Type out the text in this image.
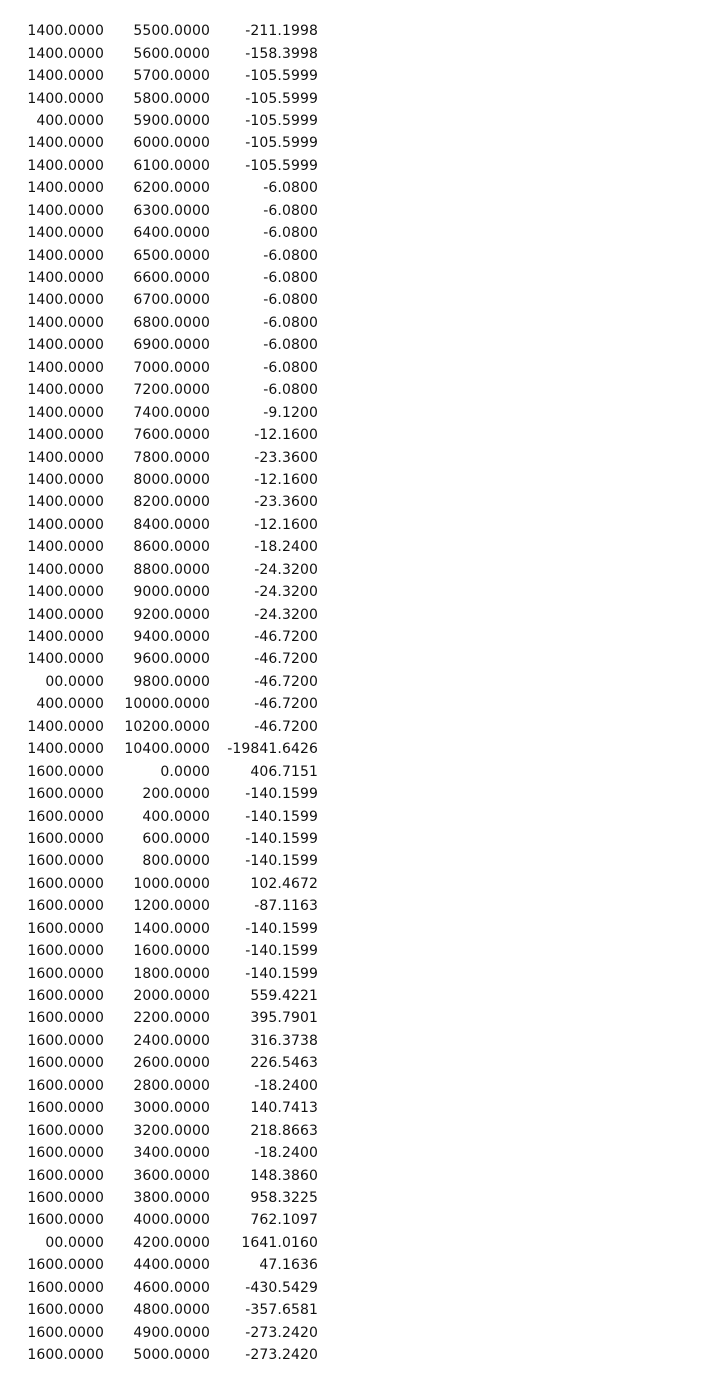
1400.0000	5500.0000	-211.1998
1400.0000	5600.0000	-158.3998
1400.0000	5700.0000	-105.5999
1400.0000	5800.0000	-105.5999
400.0000	5900.0000	-105.5999
1400.0000	6000.0000	-105.5999
1400.0000	6100.0000	-105.5999
1400.0000	6200.0000	-6.0800
1400.0000	6300.0000	-6.0800
1400.0000	6400.0000	-6.0800
1400.0000	6500.0000	-6.0800
1400.0000	6600.0000	-6.0800
1400.0000	6700.0000	-6.0800
1400.0000	6800.0000	-6.0800
1400.0000	6900.0000	-6.0800
1400.0000	7000.0000	-6.0800
1400.0000	7200.0000	-6.0800
1400.0000	7400.0000	-9.1200
1400.0000	7600.0000	-12.1600
1400.0000	7800.0000	-23.3600
1400.0000	8000.0000	-12.1600
1400.0000	8200.0000	-23.3600
1400.0000	8400.0000	-12.1600
1400.0000	8600.0000	-18.2400
1400.0000	8800.0000	-24.3200
1400.0000	9000.0000	-24.3200
1400.0000	9200.0000	-24.3200
1400.0000	9400.0000	-46.7200
1400.0000	9600.0000	-46.7200
00.0000	9800.0000	-46.7200
400.0000	10000.0000	-46.7200
1400.0000	10200.0000	-46.7200
1400.0000	10400.0000	-19841.6426
1600.0000	0.0000	406.7151
1600.0000	200.0000	-140.1599
1600.0000	400.0000	-140.1599
1600.0000	600.0000	-140.1599
1600.0000	800.0000	-140.1599
1600.0000	1000.0000	102.4672
1600.0000	1200.0000	-87.1163
1600.0000	1400.0000	-140.1599
1600.0000	1600.0000	-140.1599
1600.0000	1800.0000	-140.1599
1600.0000	2000.0000	559.4221
1600.0000	2200.0000	395.7901
1600.0000	2400.0000	316.3738
1600.0000	2600.0000	226.5463
1600.0000	2800.0000	-18.2400
1600.0000	3000.0000	140.7413
1600.0000	3200.0000	218.8663
1600.0000	3400.0000	-18.2400
1600.0000	3600.0000	148.3860
1600.0000	3800.0000	958.3225
1600.0000	4000.0000	762.1097
00.0000	4200.0000	1641.0160
1600.0000	4400.0000	47.1636
1600.0000	4600.0000	-430.5429
1600.0000	4800.0000	-357.6581
1600.0000	4900.0000	-273.2420
1600.0000	5000.0000	-273.2420
